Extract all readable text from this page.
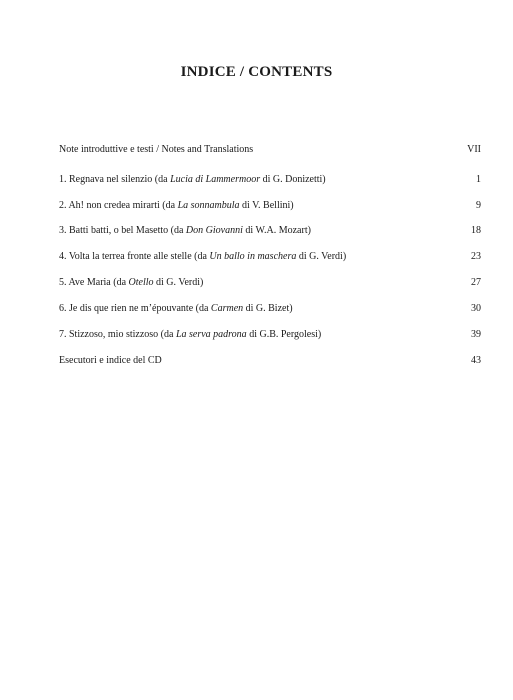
INDICE / CONTENTS
Note introduttive e testi / Notes and Translations	VII
1. Regnava nel silenzio (da Lucia di Lammermoor di G. Donizetti)	1
2. Ah! non credea mirarti (da La sonnambula di V. Bellini)	9
3. Batti batti, o bel Masetto (da Don Giovanni di W.A. Mozart)	18
4. Volta la terrea fronte alle stelle (da Un ballo in maschera di G. Verdi)	23
5. Ave Maria (da Otello di G. Verdi)	27
6. Je dis que rien ne m’épouvante (da Carmen di G. Bizet)	30
7. Stizzoso, mio stizzoso (da La serva padrona di G.B. Pergolesi)	39
Esecutori e indice del CD	43
